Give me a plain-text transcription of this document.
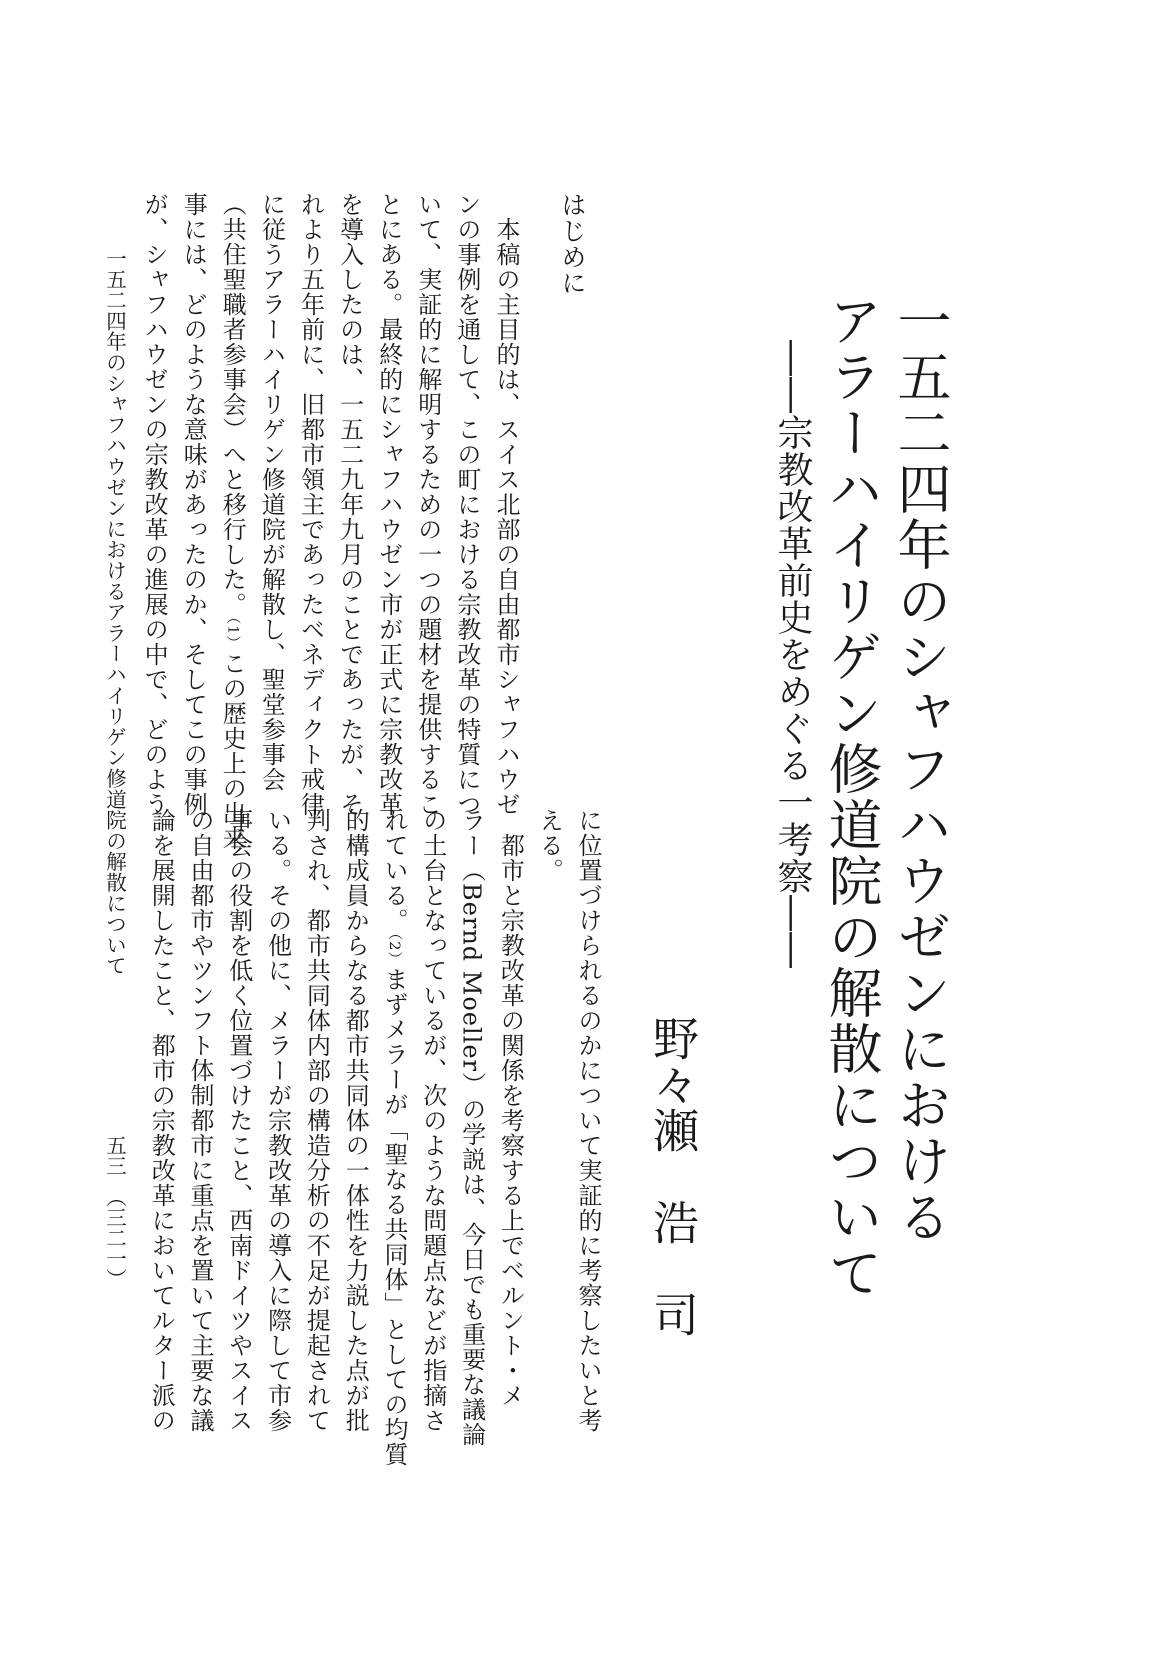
一五二四年のシャフハウゼンにおける
アラーハイリゲン修道院の解散について
――宗教改革前史をめぐる一考察――
野々瀬　浩　司
に位置づけられるのかについて実証的に考察したいと考
える。
　都市と宗教改革の関係を考察する上でベルント・メ
ラー（Bernd Moeller）の学説は、今日でも重要な議論
の土台となっているが、次のような問題点などが指摘さ
れている。（2）まずメラーが「聖なる共同体」としての均質
的構成員からなる都市共同体の一体性を力説した点が批
判され、都市共同体内部の構造分析の不足が提起されて
いる。その他に、メラーが宗教改革の導入に際して市参
事会の役割を低く位置づけたこと、西南ドイツやスイス
の自由都市やツンフト体制都市に重点を置いて主要な議
論を展開したこと、都市の宗教改革においてルター派の
はじめに
　本稿の主目的は、スイス北部の自由都市シャフハウゼ
ンの事例を通して、この町における宗教改革の特質につ
いて、実証的に解明するための一つの題材を提供するこ
とにある。最終的にシャフハウゼン市が正式に宗教改革
を導入したのは、一五二九年九月のことであったが、そ
れより五年前に、旧都市領主であったベネディクト戒律
に従うアラーハイリゲン修道院が解散し、聖堂参事会
（共住聖職者参事会）へと移行した。（1）この歴史上の出来
事には、どのような意味があったのか、そしてこの事例
が、シャフハウゼンの宗教改革の進展の中で、どのよう
一五二四年のシャフハウゼンにおけるアラーハイリゲン修道院の解散について
五三　（三二一）
